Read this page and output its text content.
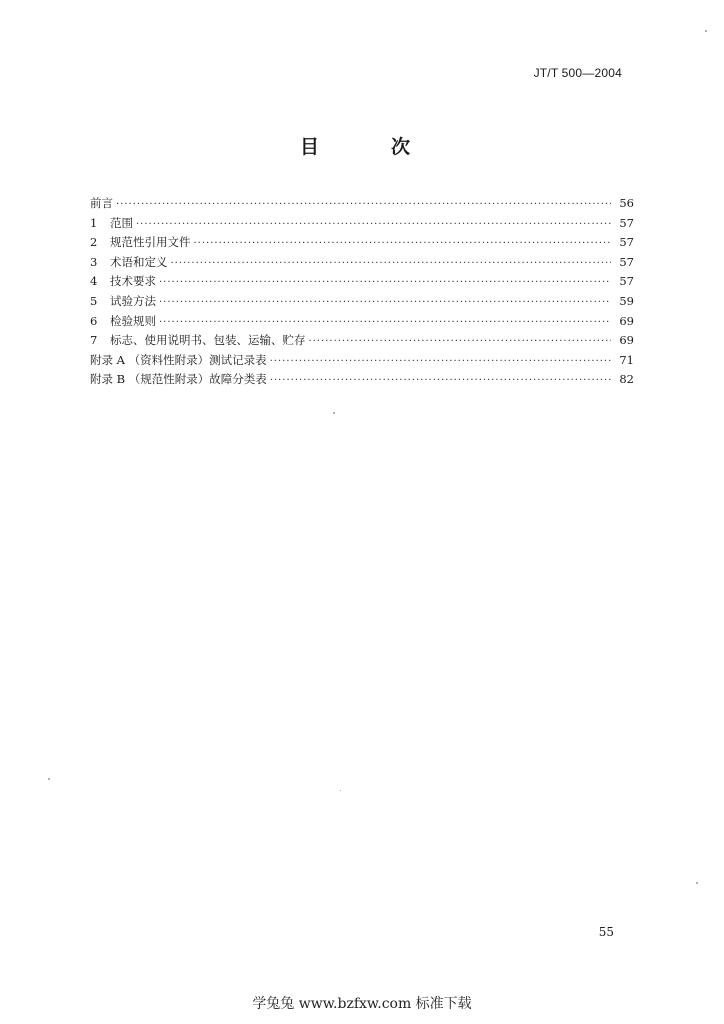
JT/T 500—2004
目	次
前言 ·····	56
1	范围 ·····	57
2	规范性引用文件 ·····	57
3	术语和定义 ·····	57
4	技术要求 ·····	57
5	试验方法 ·····	59
6	检验规则 ·····	69
7	标志、使用说明书、包装、运输、贮存 ·····	69
附录 A （资料性附录）测试记录表 ·····	71
附录 B （规范性附录）故障分类表 ·····	82
55
学兔兔 www.bzfxw.com 标准下载
